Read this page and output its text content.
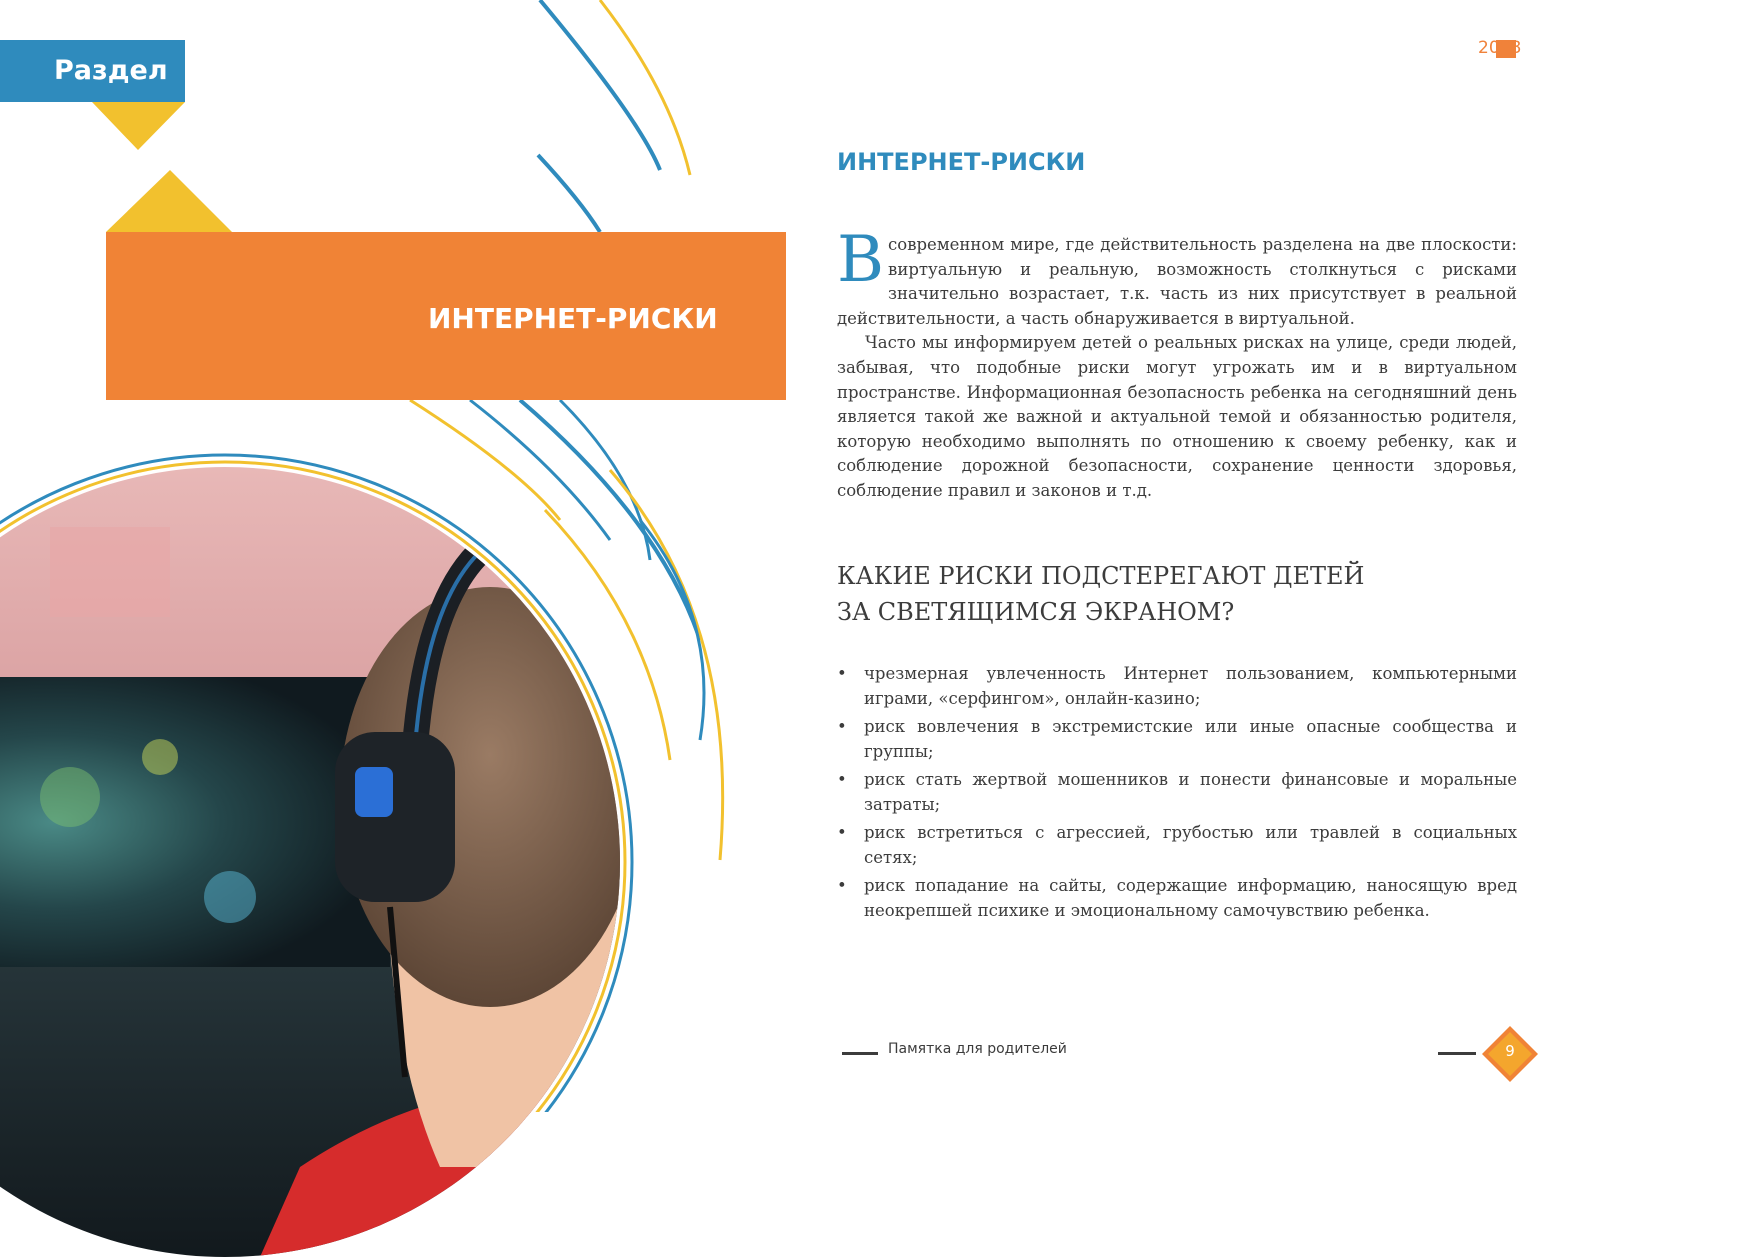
Раздел 2
2018
ИНТЕРНЕТ-РИСКИ
ИНТЕРНЕТ-РИСКИ

Всовременном мире, где действительность разделена на две плоскости: виртуальную и реальную, возможность столкнуться с рисками значительно возрастает, т.к. часть из них присутствует в реальной действительности, а часть обнаруживается в виртуальной.

Часто мы информируем детей о реальных рисках на улице, среди людей, забывая, что подобные риски могут угрожать им и в виртуальном пространстве. Информационная безопасность ребенка на сегодняшний день является такой же важной и актуальной темой и обязанностью родителя, которую необходимо выполнять по отношению к своему ребенку, как и соблюдение дорожной безопасности, сохранение ценности здоровья, соблюдение правил и законов и т.д.

КАКИЕ РИСКИ ПОДСТЕРЕГАЮТ ДЕТЕЙ
ЗА СВЕТЯЩИМСЯ ЭКРАНОМ?
• чрезмерная увлеченность Интернет пользованием, компьютерными играми, «серфингом», онлайн-казино;
• риск вовлечения в экстремистские или иные опасные сообщества и группы;
• риск стать жертвой мошенников и понести финансовые и моральные затраты;
• риск встретиться с агрессией, грубостью или травлей в социальных сетях;
• риск попадание на сайты, содержащие информацию, наносящую вред неокрепшей психике и эмоциональному самочувствию ребенка.
Памятка для родителей	9
